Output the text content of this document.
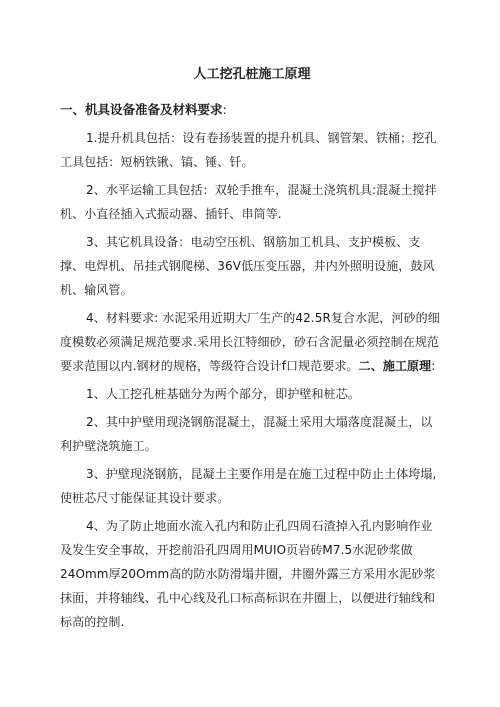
人工挖孔桩施工原理
一、机具设备准备及材料要求:

1.提升机具包括：设有卷扬装置的提升机具、钢管架、铁桶；挖孔工具包括：短柄铁锹、镐、锤、钎。

2、水平运输工具包括：双轮手推车，混凝土浇筑机具:混凝土搅拌机、小直径插入式振动器、插钎、串筒等.

3、其它机具设备：电动空压机、钢筋加工机具、支护模板、支撑、电焊机、吊挂式钢爬梯、36V低压变压器，井内外照明设施，鼓风机、输风管。

4、材料要求: 水泥采用近期大厂生产的42.5R复合水泥，河砂的细度模数必须满足规范要求.采用长江特细砂，砂石含泥量必须控制在规范要求范围以内.钢材的规格，等级符合设计f口规范要求。二、施工原理:

1、人工挖孔桩基础分为两个部分，即护壁和桩芯。

2、其中护壁用现浇钢筋混凝土，混凝土采用大塌落度混凝土，以利护壁浇筑施工。

3、护壁现浇钢筋，昆凝土主要作用是在施工过程中防止土体垮塌,使桩芯尺寸能保证其设计要求。

4、为了防止地面水流入孔内和防止孔四周石渣掉入孔内影响作业及发生安全事故，开挖前沿孔四周用MUIO页岩砖M7.5水泥砂浆做24Omm厚20Omm高的防水防滑塌井圈，井圈外露三方采用水泥砂浆抹面，并将轴线、孔中心线及孔口标高标识在井圈上，以便进行轴线和标高的控制.
